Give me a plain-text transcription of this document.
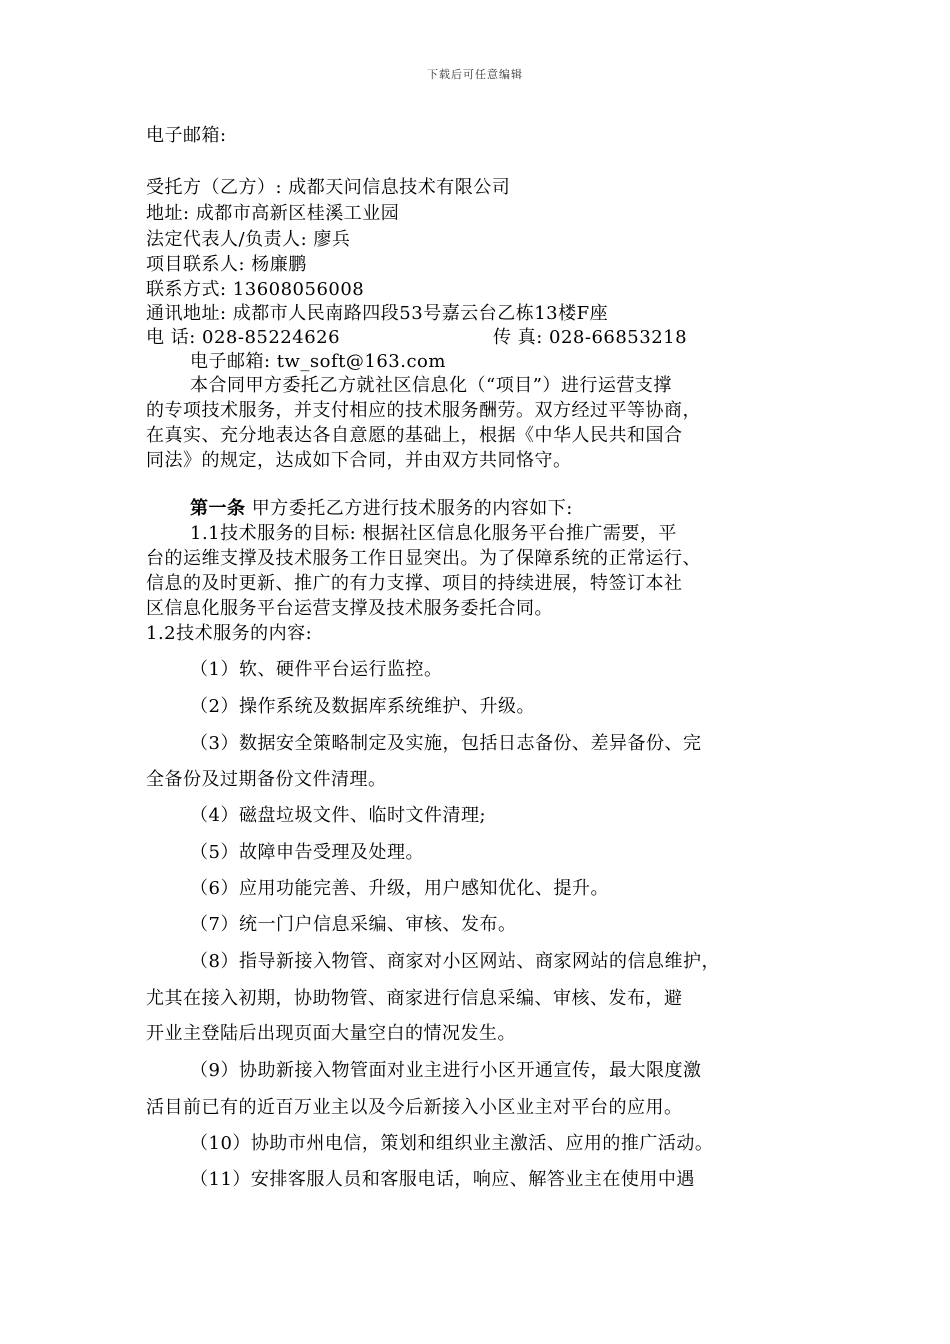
下载后可任意编辑
电子邮箱:
受托方（乙方）: 成都天问信息技术有限公司
地址: 成都市高新区桂溪工业园
法定代表人/负责人: 廖兵
项目联系人: 杨廉鹏
联系方式: 13608056008
通讯地址: 成都市人民南路四段53号嘉云台乙栋13楼F座
电 话: 028-85224626	传 真: 028-66853218
电子邮箱: tw_soft@163.com
本合同甲方委托乙方就社区信息化（“项目”）进行运营支撑
的专项技术服务，并支付相应的技术服务酬劳。双方经过平等协商，
在真实、充分地表达各自意愿的基础上，根据《中华人民共和国合
同法》的规定，达成如下合同，并由双方共同恪守。
第一条 甲方委托乙方进行技术服务的内容如下:
1.1技术服务的目标: 根据社区信息化服务平台推广需要，平
台的运维支撑及技术服务工作日显突出。为了保障系统的正常运行、
信息的及时更新、推广的有力支撑、项目的持续进展，特签订本社
区信息化服务平台运营支撑及技术服务委托合同。
1.2技术服务的内容:
（1）软、硬件平台运行监控。
（2）操作系统及数据库系统维护、升级。
（3）数据安全策略制定及实施，包括日志备份、差异备份、完
全备份及过期备份文件清理。
（4）磁盘垃圾文件、临时文件清理;
（5）故障申告受理及处理。
（6）应用功能完善、升级，用户感知优化、提升。
（7）统一门户信息采编、审核、发布。
（8）指导新接入物管、商家对小区网站、商家网站的信息维护，
尤其在接入初期，协助物管、商家进行信息采编、审核、发布，避
开业主登陆后出现页面大量空白的情况发生。
（9）协助新接入物管面对业主进行小区开通宣传，最大限度激
活目前已有的近百万业主以及今后新接入小区业主对平台的应用。
（10）协助市州电信，策划和组织业主激活、应用的推广活动。
（11）安排客服人员和客服电话，响应、解答业主在使用中遇
